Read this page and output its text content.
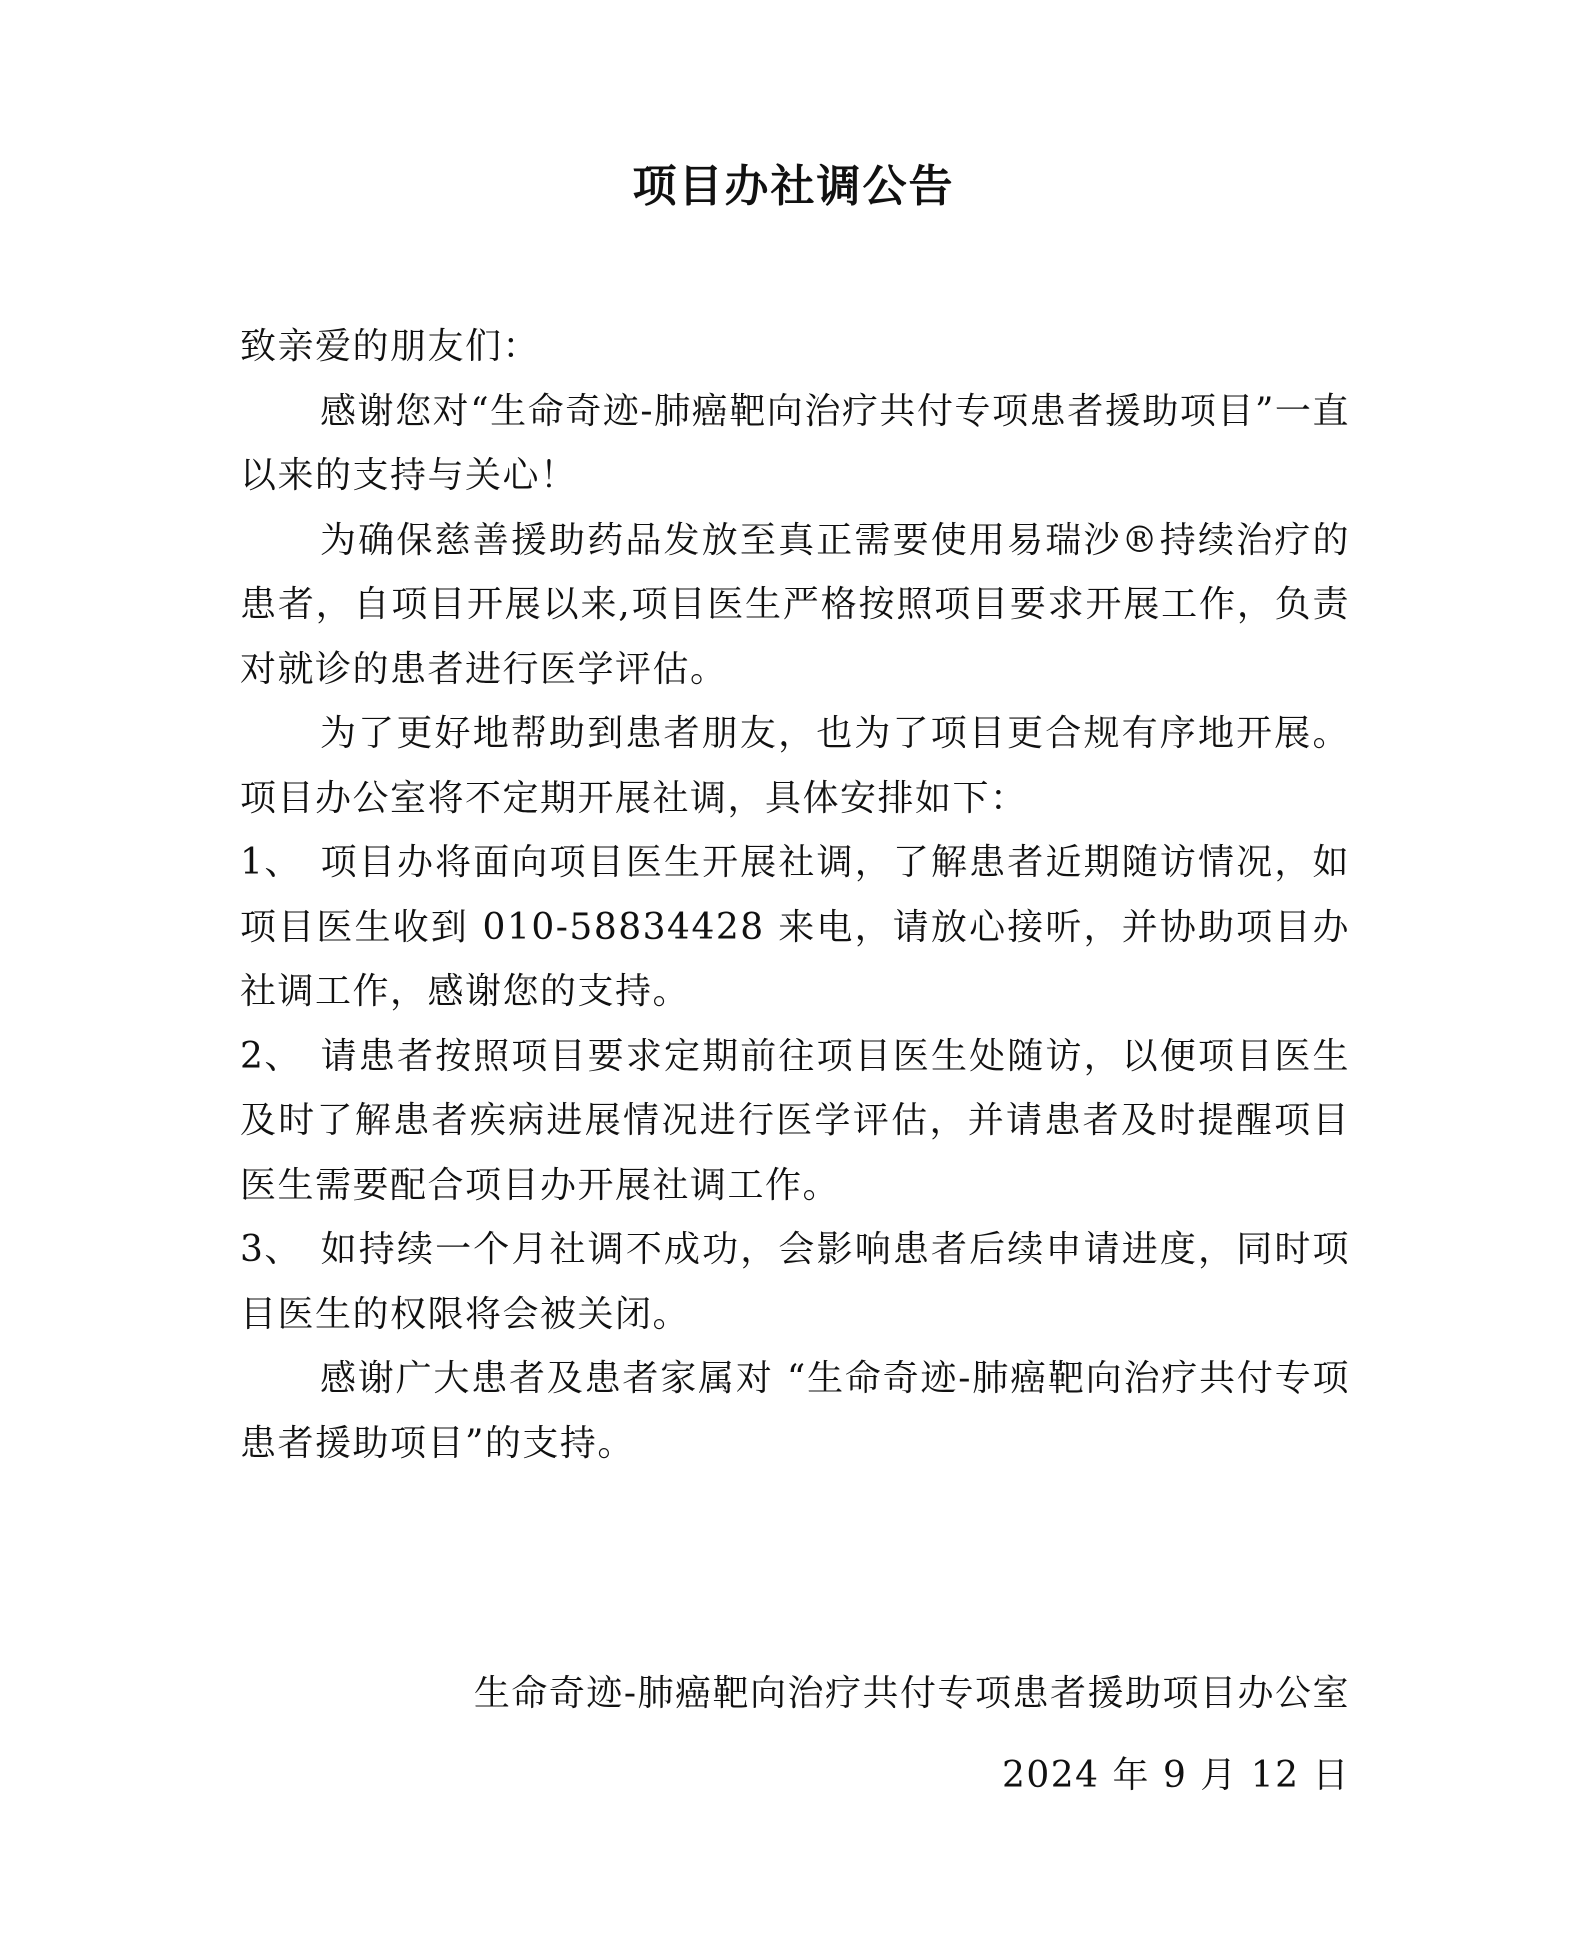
项目办社调公告

致亲爱的朋友们：

感谢您对“生命奇迹-肺癌靶向治疗共付专项患者援助项目”一直以来的支持与关心！

为确保慈善援助药品发放至真正需要使用易瑞沙®持续治疗的患者，自项目开展以来,项目医生严格按照项目要求开展工作，负责对就诊的患者进行医学评估。

为了更好地帮助到患者朋友，也为了项目更合规有序地开展。项目办公室将不定期开展社调，具体安排如下：

1、 项目办将面向项目医生开展社调，了解患者近期随访情况，如项目医生收到 010-58834428 来电，请放心接听，并协助项目办社调工作，感谢您的支持。

2、 请患者按照项目要求定期前往项目医生处随访，以便项目医生及时了解患者疾病进展情况进行医学评估，并请患者及时提醒项目医生需要配合项目办开展社调工作。

3、 如持续一个月社调不成功，会影响患者后续申请进度，同时项目医生的权限将会被关闭。

感谢广大患者及患者家属对 “生命奇迹-肺癌靶向治疗共付专项患者援助项目”的支持。

生命奇迹-肺癌靶向治疗共付专项患者援助项目办公室
2024 年 9 月 12 日
